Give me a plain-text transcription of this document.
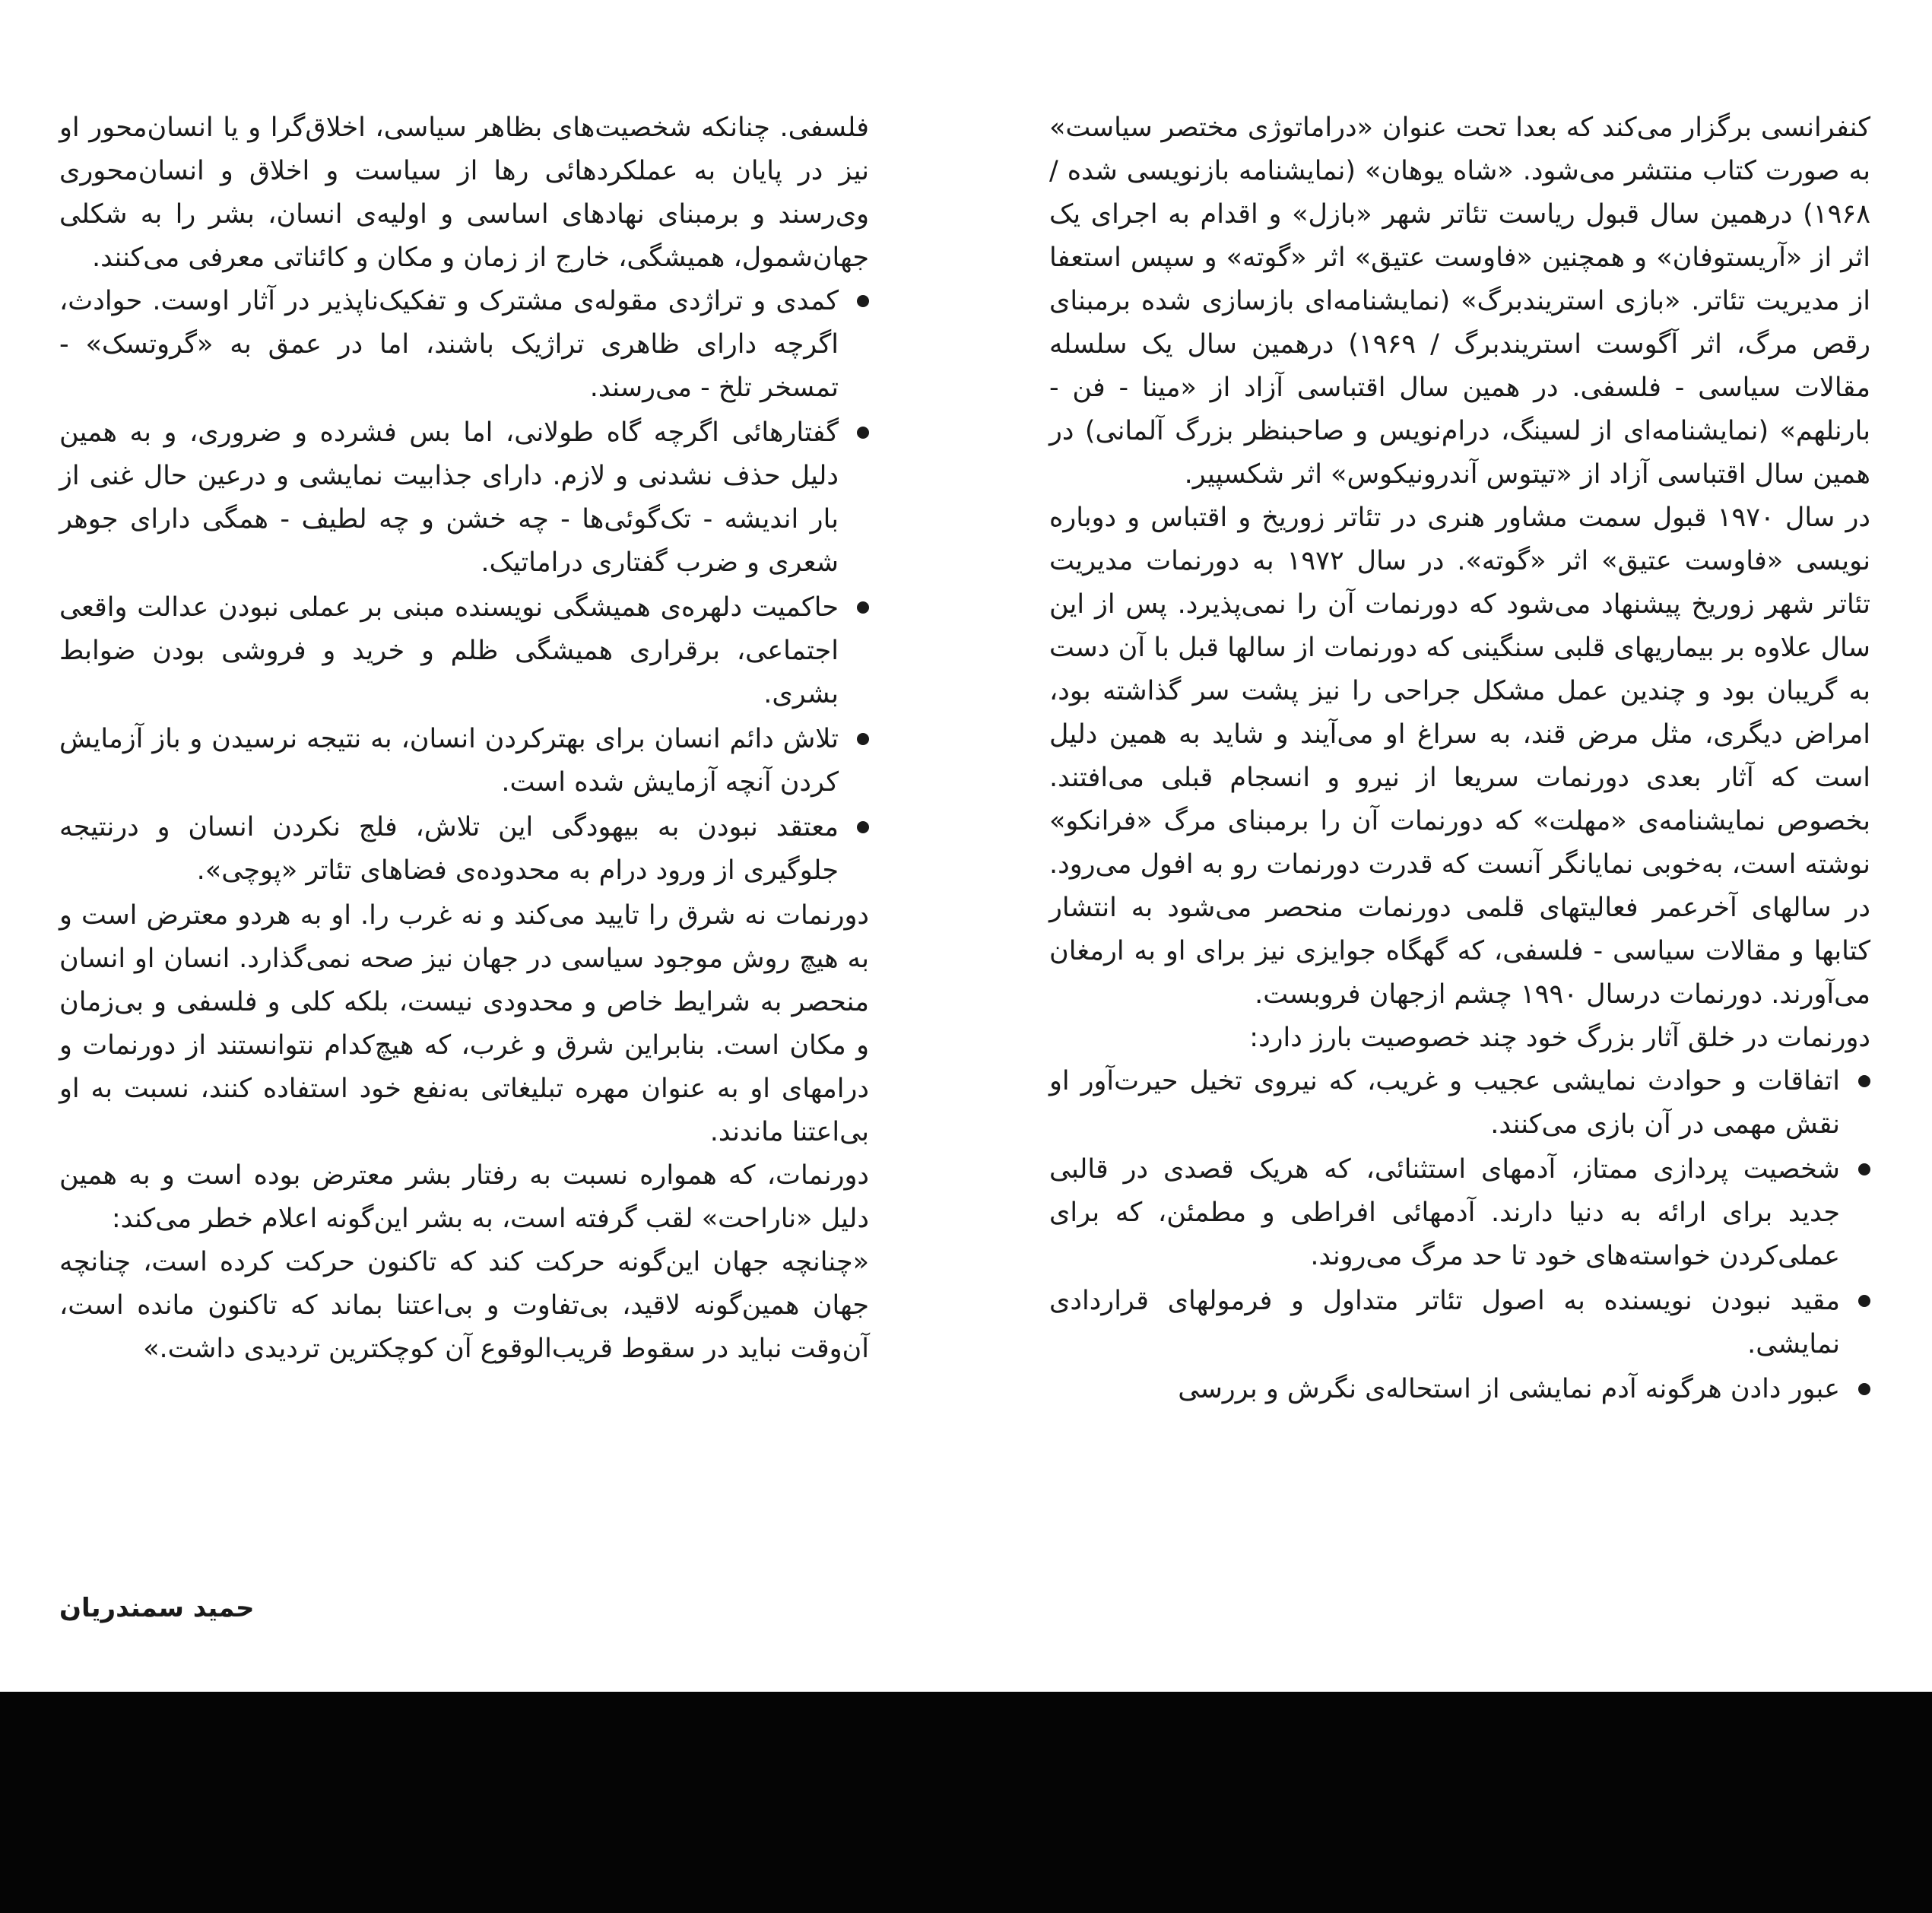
کنفرانسی برگزار می‌کند که بعدا تحت عنوان «دراماتوژی مختصر سیاست» به صورت کتاب منتشر می‌شود. «شاه یوهان» (نمایشنامه بازنویسی شده / ۱۹۶۸) درهمین سال قبول ریاست تئاتر شهر «بازل» و اقدام به اجرای یک اثر از «آریستوفان» و همچنین «فاوست عتیق» اثر «گوته» و سپس استعفا از مدیریت تئاتر. «بازی استریندبرگ» (نمایشنامه‌ای بازسازی شده برمبنای رقص مرگ، اثر آگوست استریندبرگ / ۱۹۶۹) درهمین سال یک سلسله مقالات سیاسی - فلسفی. در همین سال اقتباسی آزاد از «مینا - فن - بارنلهم» (نمایشنامه‌ای از لسینگ، درام‌نویس و صاحبنظر بزرگ آلمانی) در همین سال اقتباسی آزاد از «تیتوس آندرونیکوس» اثر شکسپیر.

در سال ۱۹۷۰ قبول سمت مشاور هنری در تئاتر زوریخ و اقتباس و دوباره نویسی «فاوست عتیق» اثر «گوته». در سال ۱۹۷۲ به دورنمات مدیریت تئاتر شهر زوریخ پیشنهاد می‌شود که دورنمات آن را نمی‌پذیرد. پس از این سال علاوه بر بیماریهای قلبی سنگینی که دورنمات از سالها قبل با آن دست به گریبان بود و چندین عمل مشکل جراحی را نیز پشت سر گذاشته بود، امراض دیگری، مثل مرض قند، به سراغ او می‌آیند و شاید به همین دلیل است که آثار بعدی دورنمات سریعا از نیرو و انسجام قبلی می‌افتند. بخصوص نمایشنامه‌ی «مهلت» که دورنمات آن را برمبنای مرگ «فرانکو» نوشته است، به‌خوبی نمایانگر آنست که قدرت دورنمات رو به افول می‌رود. در سالهای آخرعمر فعالیتهای قلمی دورنمات منحصر می‌شود به انتشار کتابها و مقالات سیاسی - فلسفی، که گهگاه جوایزی نیز برای او به ارمغان می‌آورند. دورنمات درسال ۱۹۹۰ چشم ازجهان فروبست.

دورنمات در خلق آثار بزرگ خود چند خصوصیت بارز دارد:

اتفاقات و حوادث نمایشی عجیب و غریب، که نیروی تخیل حیرت‌آور او نقش مهمی در آن بازی می‌کنند.
شخصیت پردازی ممتاز، آدمهای استثنائی، که هریک قصدی در قالبی جدید برای ارائه به دنیا دارند. آدمهائی افراطی و مطمئن، که برای عملی‌کردن خواسته‌های خود تا حد مرگ می‌روند.
مقید نبودن نویسنده به اصول تئاتر متداول و فرمولهای قراردادی نمایشی.
عبور دادن هرگونه آدم نمایشی از استحاله‌ی نگرش و بررسی

فلسفی. چنانکه شخصیت‌های بظاهر سیاسی، اخلاق‌گرا و یا انسان‌محور او نیز در پایان به عملکردهائی رها از سیاست و اخلاق و انسان‌محوری وی‌رسند و برمبنای نهادهای اساسی و اولیه‌ی انسان، بشر را به شکلی جهان‌شمول، همیشگی، خارج از زمان و مکان و کائناتی معرفی می‌کنند.

کمدی و تراژدی مقوله‌ی مشترک و تفکیک‌ناپذیر در آثار اوست. حوادث، اگرچه دارای ظاهری تراژیک باشند، اما در عمق به «گروتسک» - تمسخر تلخ - می‌رسند.
گفتارهائی اگرچه گاه طولانی، اما بس فشرده و ضروری، و به همین دلیل حذف نشدنی و لازم. دارای جذابیت نمایشی و درعین حال غنی از بار اندیشه - تک‌گوئی‌ها - چه خشن و چه لطیف - همگی دارای جوهر شعری و ضرب گفتاری دراماتیک.
حاکمیت دلهره‌ی همیشگی نویسنده مبنی بر عملی نبودن عدالت واقعی اجتماعی، برقراری همیشگی ظلم و خرید و فروشی بودن ضوابط بشری.
تلاش دائم انسان برای بهترکردن انسان، به نتیجه نرسیدن و باز آزمایش کردن آنچه آزمایش شده است.
معتقد نبودن به بیهودگی این تلاش، فلج نکردن انسان و درنتیجه جلوگیری از ورود درام به محدوده‌ی فضاهای تئاتر «پوچی».

دورنمات نه شرق را تایید می‌کند و نه غرب را. او به هردو معترض است و به هیچ روش موجود سیاسی در جهان نیز صحه نمی‌گذارد. انسان او انسان منحصر به شرایط خاص و محدودی نیست، بلکه کلی و فلسفی و بی‌زمان و مکان است. بنابراین شرق و غرب، که هیچ‌کدام نتوانستند از دورنمات و درامهای او به عنوان مهره تبلیغاتی به‌نفع خود استفاده کنند، نسبت به او بی‌اعتنا ماندند.

دورنمات، که همواره نسبت به رفتار بشر معترض بوده است و به همین دلیل «ناراحت» لقب گرفته است، به بشر این‌گونه اعلام خطر می‌کند:

«چنانچه جهان این‌گونه حرکت کند که تاکنون حرکت کرده است، چنانچه جهان همین‌گونه لاقید، بی‌تفاوت و بی‌اعتنا بماند که تاکنون مانده است، آن‌وقت نباید در سقوط قریب‌الوقوع آن کوچکترین تردیدی داشت.»

حمید سمندریان
